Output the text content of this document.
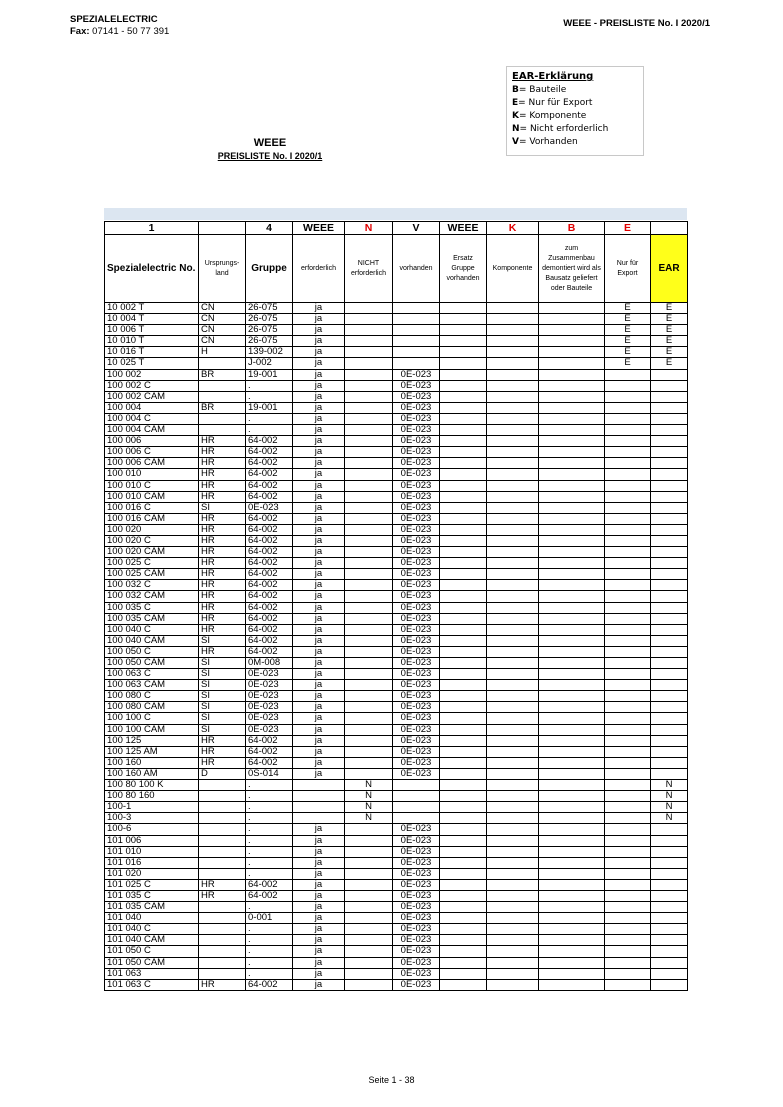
SPEZIALELECTRIC
Fax: 07141 - 50 77 391
WEEE - PREISLISTE No. I 2020/1
EAR-Erklärung
B= Bauteile
E= Nur für Export
K= Komponente
N= Nicht erforderlich
V= Vorhanden
WEEE
PREISLISTE No. I 2020/1
1		4	WEEE	N	V	WEEE	K	B	E	
Spezialelectric No.	Ursprungs-land	Gruppe	erforderlich	NICHT erforderlich	vorhanden	Ersatz Gruppe vorhanden	Komponente	zum Zusammenbau demontiert wird als Bausatz geliefert oder Bauteile	Nur für Export	EAR
10 002 T	CN	26-075	ja						E	E
10 004 T	CN	26-075	ja						E	E
10 006 T	CN	26-075	ja						E	E
10 010 T	CN	26-075	ja						E	E
10 016 T	H	139-002	ja						E	E
10 025 T		J-002	ja						E	E
100 002	BR	19-001	ja		0E-023					
100 002 C		.	ja		0E-023					
100 002 CAM		.	ja		0E-023					
100 004	BR	19-001	ja		0E-023					
100 004 C		.	ja		0E-023					
100 004 CAM		.	ja		0E-023					
100 006	HR	64-002	ja		0E-023					
100 006 C	HR	64-002	ja		0E-023					
100 006 CAM	HR	64-002	ja		0E-023					
100 010	HR	64-002	ja		0E-023					
100 010 C	HR	64-002	ja		0E-023					
100 010 CAM	HR	64-002	ja		0E-023					
100 016 C	SI	0E-023	ja		0E-023					
100 016 CAM	HR	64-002	ja		0E-023					
100 020	HR	64-002	ja		0E-023					
100 020 C	HR	64-002	ja		0E-023					
100 020 CAM	HR	64-002	ja		0E-023					
100 025 C	HR	64-002	ja		0E-023					
100 025 CAM	HR	64-002	ja		0E-023					
100 032 C	HR	64-002	ja		0E-023					
100 032 CAM	HR	64-002	ja		0E-023					
100 035 C	HR	64-002	ja		0E-023					
100 035 CAM	HR	64-002	ja		0E-023					
100 040 C	HR	64-002	ja		0E-023					
100 040 CAM	SI	64-002	ja		0E-023					
100 050 C	HR	64-002	ja		0E-023					
100 050 CAM	SI	0M-008	ja		0E-023					
100 063 C	SI	0E-023	ja		0E-023					
100 063 CAM	SI	0E-023	ja		0E-023					
100 080 C	SI	0E-023	ja		0E-023					
100 080 CAM	SI	0E-023	ja		0E-023					
100 100 C	SI	0E-023	ja		0E-023					
100 100 CAM	SI	0E-023	ja		0E-023					
100 125	HR	64-002	ja		0E-023					
100 125 AM	HR	64-002	ja		0E-023					
100 160	HR	64-002	ja		0E-023					
100 160 AM	D	0S-014	ja		0E-023					
100 80 100 K		.		N						N
100 80 160		.		N						N
100-1		.		N						N
100-3		.		N						N
100-6		.	ja		0E-023					
101 006		.	ja		0E-023					
101 010		.	ja		0E-023					
101 016		.	ja		0E-023					
101 020		.	ja		0E-023					
101 025 C	HR	64-002	ja		0E-023					
101 035 C	HR	64-002	ja		0E-023					
101 035 CAM		.	ja		0E-023					
101 040		0-001	ja		0E-023					
101 040 C		.	ja		0E-023					
101 040 CAM		.	ja		0E-023					
101 050 C		.	ja		0E-023					
101 050 CAM		.	ja		0E-023					
101 063		.	ja		0E-023					
101 063 C	HR	64-002	ja		0E-023					
Seite 1 - 38
